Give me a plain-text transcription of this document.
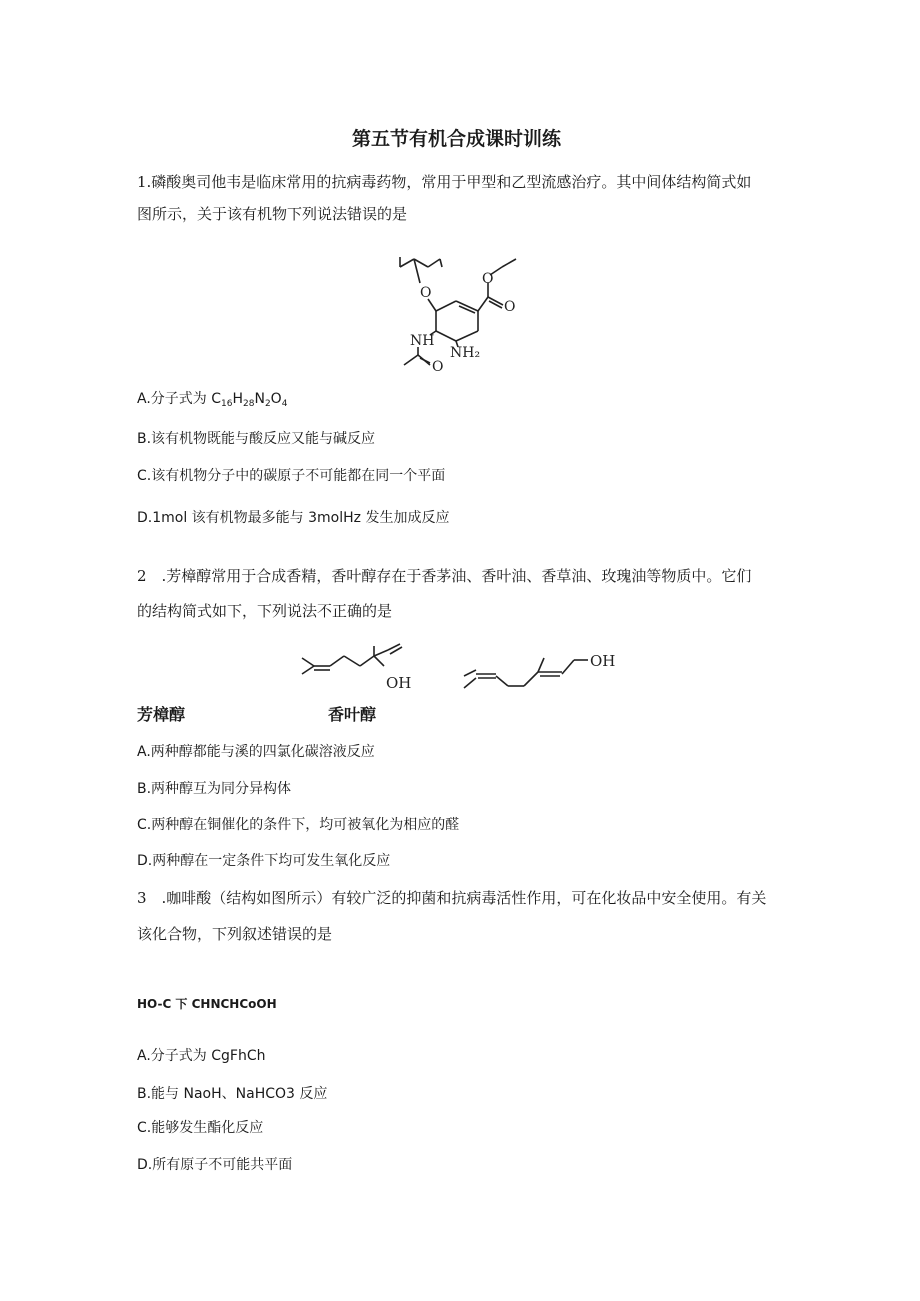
第五节有机合成课时训练
1.磷酸奥司他韦是临床常用的抗病毒药物，常用于甲型和乙型流感治疗。其中间体结构简式如
图所示，关于该有机物下列说法错误的是
O
O
O
NH
NH₂
O
A.分子式为 $C_{16}H_{28}N_2O_4$
B.该有机物既能与酸反应又能与碱反应
C.该有机物分子中的碳原子不可能都在同一个平面
D.1mol 该有机物最多能与 3molHz 发生加成反应
2　.芳樟醇常用于合成香精，香叶醇存在于香茅油、香叶油、香草油、玫瑰油等物质中。它们
的结构简式如下，下列说法不正确的是
OH
OH
芳樟醇	香叶醇
A.两种醇都能与溪的四氯化碳溶液反应
B.两种醇互为同分异构体
C.两种醇在铜催化的条件下，均可被氧化为相应的醛
D.两种醇在一定条件下均可发生氧化反应
3　.咖啡酸（结构如图所示）有较广泛的抑菌和抗病毒活性作用，可在化妆品中安全使用。有关
该化合物，下列叙述错误的是
HO-C 下 CHNCHCoOH
A.分子式为 CgFhCh
B.能与 NaoH、NaHCO3 反应
C.能够发生酯化反应
D.所有原子不可能共平面
